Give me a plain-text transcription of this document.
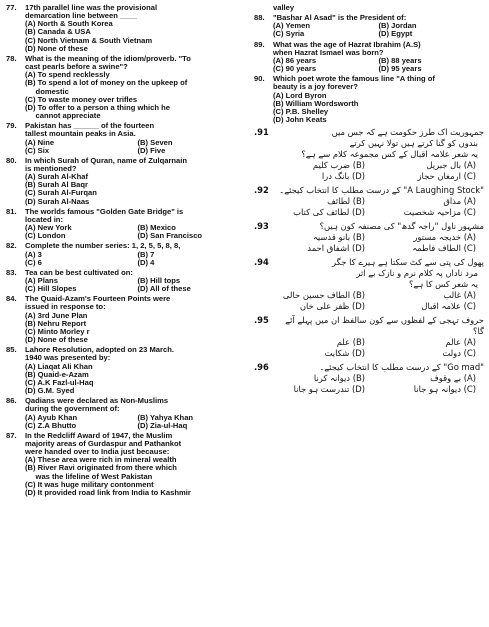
77.	17th parallel line was the provisional
demarcation line between ____
(A) North & South Korea
(B) Canada & USA
(C) North Vietnam & South Vietnam
(D) None of these
78.	What is the meaning of the idiom/proverb. "To
cast pearls before a swine"?
(A) To spend recklessly
(B) To spend a lot of money on the upkeep of
domestic
(C) To waste money over trifles
(D) To offer to a person a thing which he
cannot appreciate
79.	Pakistan has ______ of the fourteen
tallest mountain peaks in Asia.
(A) Nine	(B) Seven
(C) Six	(D) Five
80.	In which Surah of Quran, name of Zulqarnain
is mentioned?
(A) Surah Al-Khaf
(B) Surah Al Baqr
(C) Surah Al-Furqan
(D) Surah Al-Naas
81.	The worlds famous "Golden Gate Bridge" is
located in:
(A) New York	(B) Mexico
(C) London	(D) San Francisco
82.	Complete the number series: 1, 2, 5, 5, 8, 8,
(A) 3	(B) 7
(C) 6	(D) 4
83.	Tea can be best cultivated on:
(A) Plans	(B) Hill tops
(C) Hill Slopes	(D) All of these
84.	The Quaid-Azam's Fourteen Points were
issued in response to:
(A) 3rd June Plan
(B) Nehru Report
(C) Minto Morley r
(D) None of these
85.	Lahore Resolution, adopted on 23 March.
1940 was presented by:
(A) Liaqat Ali Khan
(B) Quaid-e-Azam
(C) A.K Fazl-ul-Haq
(D) G.M. Syed
86.	Qadians were declared as Non-Muslims
during the government of:
(A) Ayub Khan	(B) Yahya Khan
(C) Z.A Bhutto	(D) Zia-ul-Haq
87.	In the Redcliff Award of 1947, the Muslim
majority areas of Gurdaspur and Pathankot
were handed over to India just because:
(A) These area were rich in mineral wealth
(B) River Ravi originated from there which
was the lifeline of West Pakistan
(C) It was huge military contonment
(D) It provided road link from India to Kashmir
valley
88.	"Bashar Al Asad" is the President of:
(A) Yemen	(B) Jordan
(C) Syria	(D) Egypt
89.	What was the age of Hazrat Ibrahim (A.S)
when Hazrat Ismael was born?
(A) 86 years	(B) 88 years
(C) 90 years	(D) 95 years
90.	Which poet wrote the famous line "A thing of
beauty is a joy forever?
(A) Lord Byron
(B) William Wordsworth
(C) P.B. Shelley
(D) John Keats
جمہوریت اک طرز حکومت ہے کہ جس میں
.91
بندوں کو گنا کرتے ہیں تولا نہیں کرتے
یہ شعر علامہ اقبال کے کس مجموعہ کلام سے ہے؟
(A) بال جبریل
(B) ضرب کلیم
(C) ارمغان حجاز
(D) بانگ درا
"A Laughing Stock" کے درست مطلب کا انتخاب کیجئے۔
.92
(A) مذاق
(B) لطائف
(C) مزاحیہ شخصیت
(D) لطائف کی کتاب
مشہور ناول "راجہ گدھ" کی مصنفہ کون ہیں؟
.93
(A) خدیجہ مستور
(B) بانو قدسیہ
(C) الطاف فاطمہ
(D) اشفاق احمد
پھول کی پتی سے کٹ سکتا ہے ہیرے کا جگر
.94
مرد ناداں پہ کلام نرم و نازک بے اثر
یہ شعر کس کا ہے؟
(A) غالب
(B) الطاف حسین حالی
(C) علامہ اقبال
(D) ظفر علی خان
حروف تہجی کے لفظوں سے کون سالفظ ان میں پہلے آئے گا؟
.95
(A) عالم
(B) علم
(C) دولت
(D) شکایت
"Go mad" کے درست مطلب کا انتخاب کیجئے۔
.96
(A) بے وقوف
(B) دیوانہ کرنا
(C) دیوانہ ہو جانا
(D) تندرست ہو جانا
